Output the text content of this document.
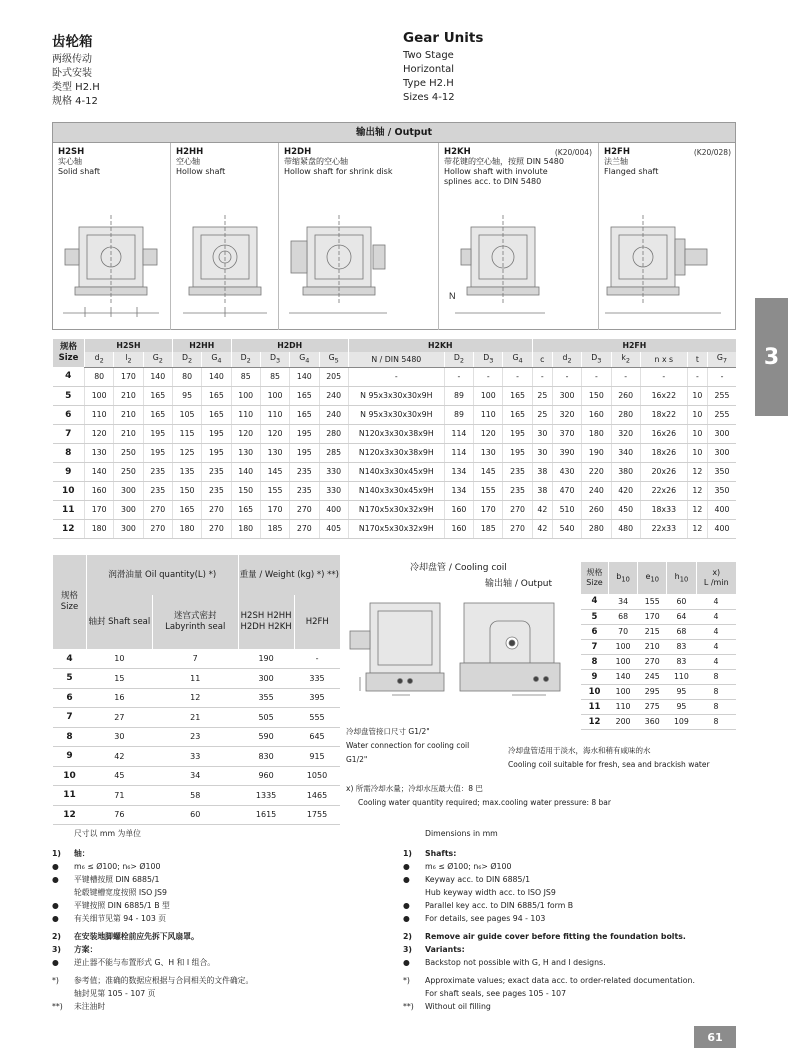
齿轮箱
两级传动
卧式安装
类型 H2.H
规格 4-12
Gear Units
Two Stage
Horizontal
Type H2.H
Sizes 4-12
3
输出轴 / Output
H2SH
实心轴
Solid shaft
H2HH
空心轴
Hollow shaft
H2DH
带缩紧盘的空心轴
Hollow shaft for shrink disk
H2KH	(K20/004)
带花键的空心轴，按照 DIN 5480
Hollow shaft with involute splines acc. to DIN 5480
N
H2FH	(K20/028)
法兰轴
Flanged shaft
规格 Size	H2SH			H2HH		H2DH				H2KH				H2FH						
	$d_2$	$l_2$	$G_2$	$D_2$	$G_4$	$D_2$	$D_3$	$G_4$	$G_5$	N / DIN 5480	$D_2$	$D_3$	$G_4$	c	$d_2$	$D_3$	$k_2$	n x s	t	$G_7$
4	80	170	140	80	140	85	85	140	205	-	-	-	-	-	-	-	-	-	-	-
5	100	210	165	95	165	100	100	165	240	N 95x3x30x30x9H	89	100	165	25	300	150	260	16x22	10	255
6	110	210	165	105	165	110	110	165	240	N 95x3x30x30x9H	89	110	165	25	320	160	280	18x22	10	255
7	120	210	195	115	195	120	120	195	280	N120x3x30x38x9H	114	120	195	30	370	180	320	16x26	10	300
8	130	250	195	125	195	130	130	195	285	N120x3x30x38x9H	114	130	195	30	390	190	340	18x26	10	300
9	140	250	235	135	235	140	145	235	330	N140x3x30x45x9H	134	145	235	38	430	220	380	20x26	12	350
10	160	300	235	150	235	150	155	235	330	N140x3x30x45x9H	134	155	235	38	470	240	420	22x26	12	350
11	170	300	270	165	270	165	170	270	400	N170x5x30x32x9H	160	170	270	42	510	260	450	18x33	12	400
12	180	300	270	180	270	180	185	270	405	N170x5x30x32x9H	160	185	270	42	540	280	480	22x33	12	400
规格 Size	润滑油量 Oil quantity(L) *)		重量 / Weight (kg) *) **)	
	轴封 Shaft seal	迷宫式密封 Labyrinth seal	H2SH H2HH H2DH H2KH	H2FH
4	10	7	190	-
5	15	11	300	335
6	16	12	355	395
7	27	21	505	555
8	30	23	590	645
9	42	33	830	915
10	45	34	960	1050
11	71	58	1335	1465
12	76	60	1615	1755
冷却盘管 / Cooling coil
输出轴 / Output
冷却盘管接口尺寸 G1/2"
Water connection for cooling coil G1/2"
冷却盘管适用于淡水，海水和稍有咸味的水
Cooling coil suitable for fresh, sea and brackish water
x) 所需冷却水量；冷却水压最大值：8 巴
Cooling water quantity required; max.cooling water pressure: 8 bar
规格 Size	$b_{10}$	$e_{10}$	$h_{10}$	x)
L /min
4	34	155	60	4
5	68	170	64	4
6	70	215	68	4
7	100	210	83	4
8	100	270	83	4
9	140	245	110	8
10	100	295	95	8
11	110	275	95	8
12	200	360	109	8
尺寸以 mm 为单位
1)	轴：
●	m₆ ≤ Ø100; n₆> Ø100
●	平键槽按照 DIN 6885/1
轮毂键槽宽度按照 ISO JS9
●	平键按照 DIN 6885/1 B 型
●	有关细节见第 94 - 103 页
2)	在安装地脚螺栓前应先拆下风扇罩。
3)	方案：
●	逆止器不能与布置形式 G、H 和 I 组合。
*)	参考值；准确的数据应根据与合同相关的文件确定。
轴封见第 105 - 107 页
**)	未注油时
Dimensions in mm
1)	Shafts:
●	m₆ ≤ Ø100; n₆> Ø100
●	Keyway acc. to DIN 6885/1
Hub keyway width acc. to ISO JS9
●	Parallel key acc. to DIN 6885/1 form B
●	For details, see pages 94 - 103
2)	Remove air guide cover before fitting the foundation bolts.
3)	Variants:
●	Backstop not possible with G, H and I designs.
*)	Approximate values; exact data acc. to order-related documentation.
For shaft seals, see pages 105 - 107
**)	Without oil filling
61
